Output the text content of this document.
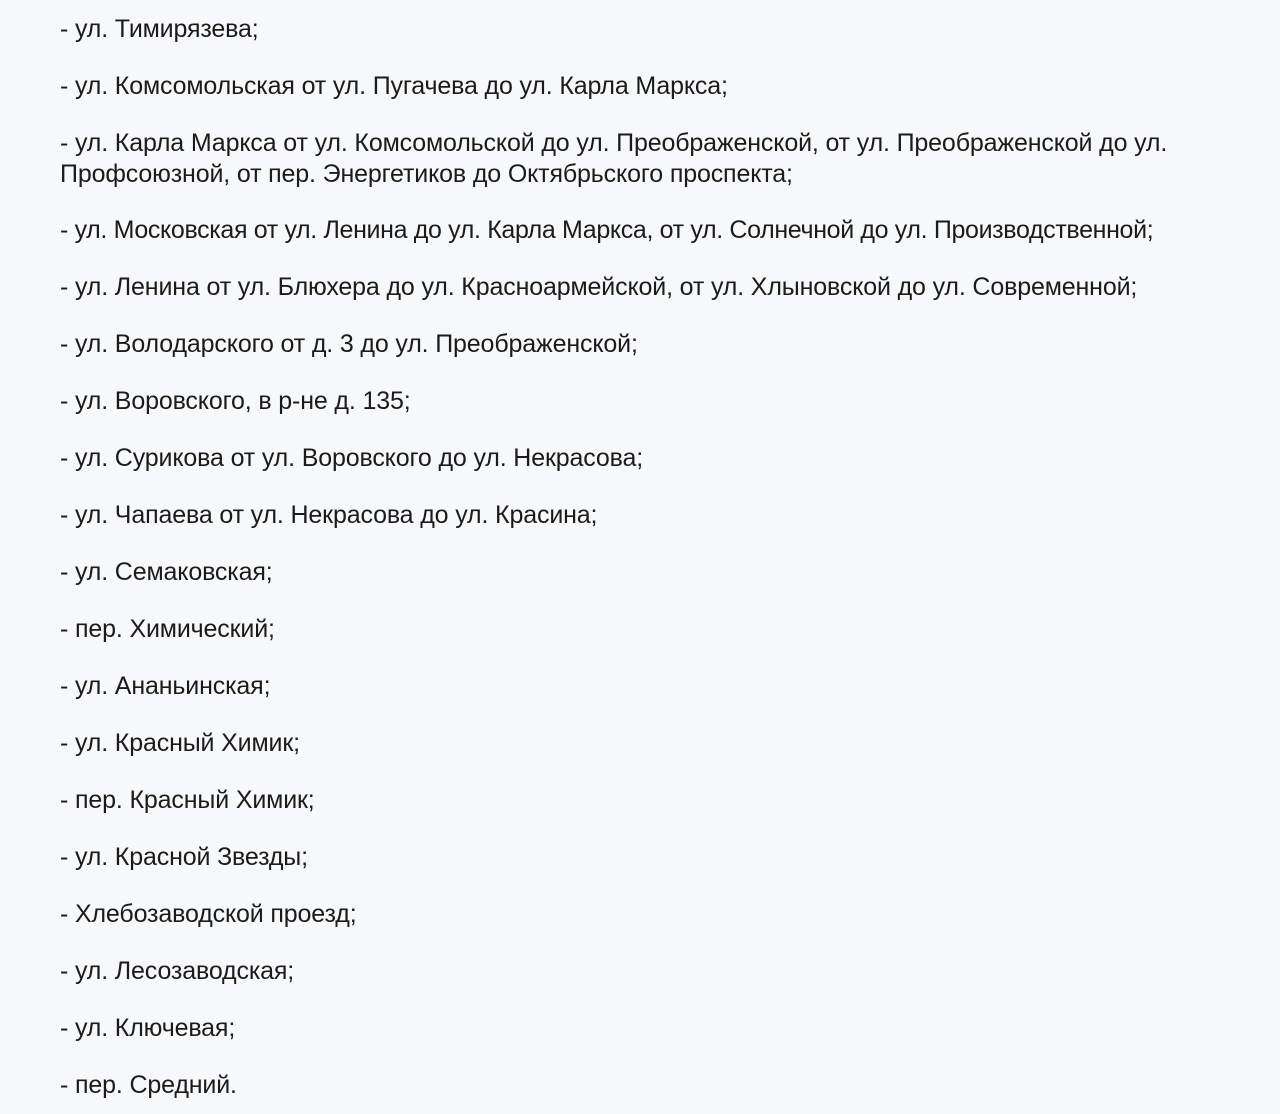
- ул. Тимирязева;
- ул. Комсомольская от ул. Пугачева до ул. Карла Маркса;
- ул. Карла Маркса от ул. Комсомольской до ул. Преображенской, от ул. Преображенской до ул. Профсоюзной, от пер. Энергетиков до Октябрьского проспекта;
- ул. Московская от ул. Ленина до ул. Карла Маркса, от ул. Солнечной до ул. Производственной;
- ул. Ленина от ул. Блюхера до ул. Красноармейской, от ул. Хлыновской до ул. Современной;
- ул. Володарского от д. 3 до ул. Преображенской;
- ул. Воровского, в р-не д. 135;
- ул. Сурикова от ул. Воровского до ул. Некрасова;
- ул. Чапаева от ул. Некрасова до ул. Красина;
- ул. Семаковская;
- пер. Химический;
- ул. Ананьинская;
- ул. Красный Химик;
- пер. Красный Химик;
- ул. Красной Звезды;
- Хлебозаводской проезд;
- ул. Лесозаводская;
- ул. Ключевая;
- пер. Средний.
